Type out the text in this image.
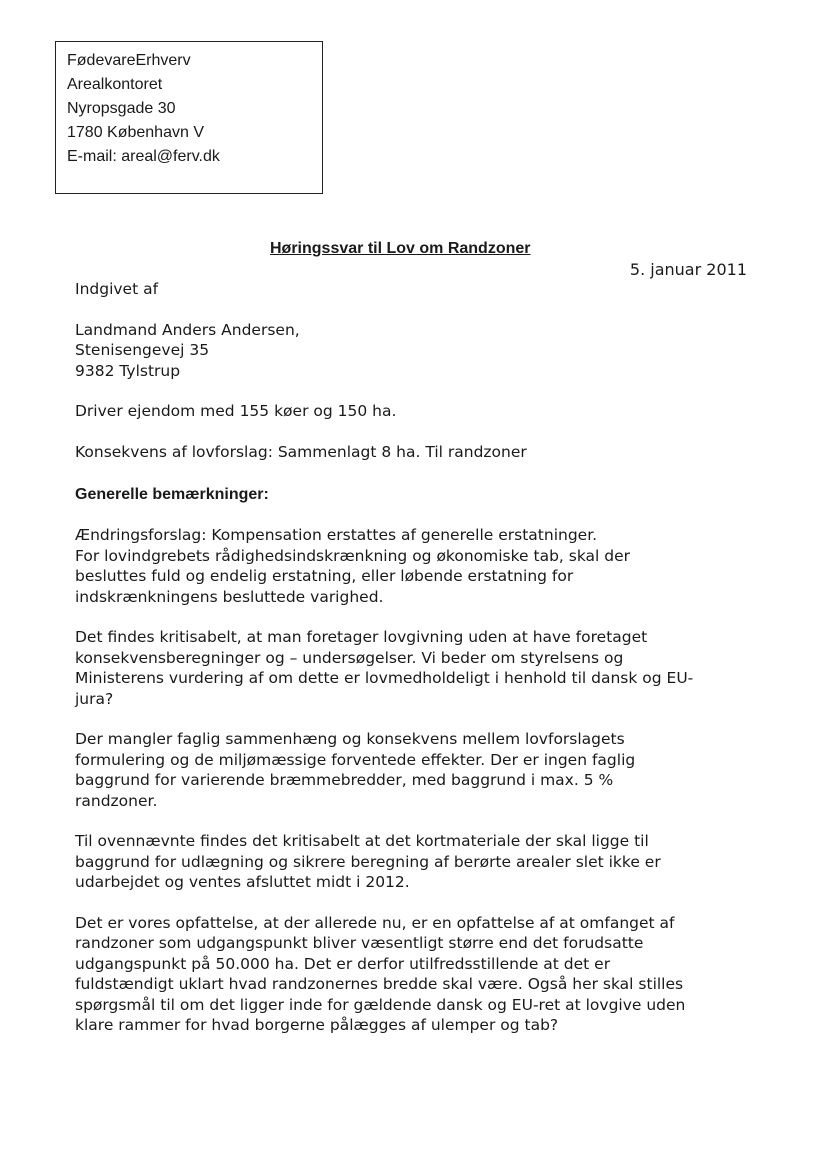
FødevareErhverv
Arealkontoret
Nyropsgade 30
1780 København V
E-mail: areal@ferv.dk
Høringssvar til Lov om Randzoner
5. januar 2011

Indgivet af

Landmand Anders Andersen,
Stenisengevej 35
9382 Tylstrup

Driver ejendom med 155 køer og 150 ha.

Konsekvens af lovforslag: Sammenlagt 8 ha. Til randzoner

Generelle bemærkninger:

Ændringsforslag: Kompensation erstattes af generelle erstatninger.
For lovindgrebets rådighedsindskrænkning og økonomiske tab, skal der
besluttes fuld og endelig erstatning, eller løbende erstatning for
indskrænkningens besluttede varighed.

Det findes kritisabelt, at man foretager lovgivning uden at have foretaget
konsekvensberegninger og – undersøgelser. Vi beder om styrelsens og
Ministerens vurdering af om dette er lovmedholdeligt i henhold til dansk og EU-
jura?

Der mangler faglig sammenhæng og konsekvens mellem lovforslagets
formulering og de miljømæssige forventede effekter. Der er ingen faglig
baggrund for varierende bræmmebredder, med baggrund i max. 5 %
randzoner.

Til ovennævnte findes det kritisabelt at det kortmateriale der skal ligge til
baggrund for udlægning og sikrere beregning af berørte arealer slet ikke er
udarbejdet og ventes afsluttet midt i 2012.

Det er vores opfattelse, at der allerede nu, er en opfattelse af at omfanget af
randzoner som udgangspunkt bliver væsentligt større end det forudsatte
udgangspunkt på 50.000 ha. Det er derfor utilfredsstillende at det er
fuldstændigt uklart hvad randzonernes bredde skal være. Også her skal stilles
spørgsmål til om det ligger inde for gældende dansk og EU-ret at lovgive uden
klare rammer for hvad borgerne pålægges af ulemper og tab?
